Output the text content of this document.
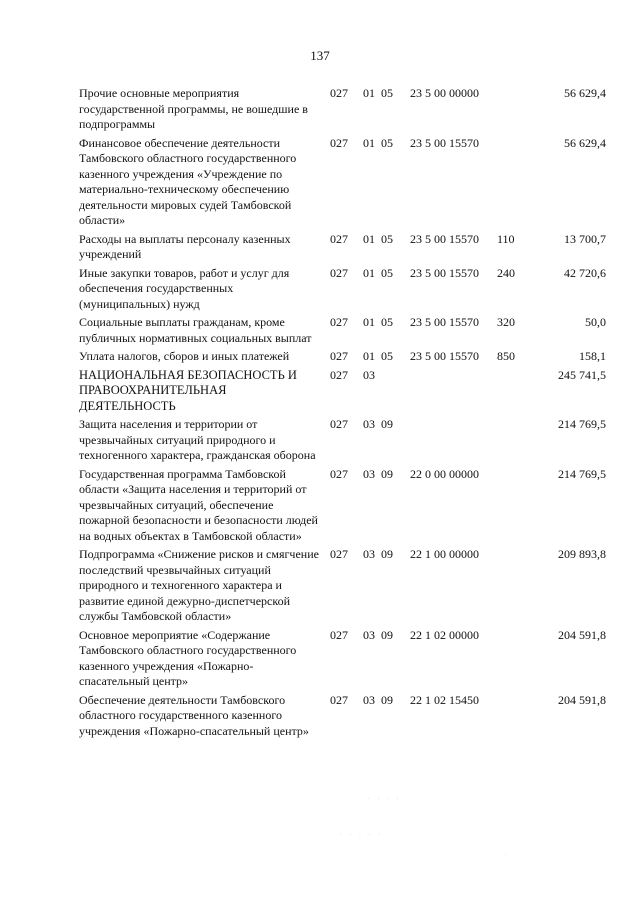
137
Прочие основные мероприятия государственной программы, не вошедшие в подпрограммы
027 01 05 23 5 00 00000	56 629,4
Финансовое обеспечение деятельности Тамбовского областного государственного казенного учреждения «Учреждение по материально-техническому обеспечению деятельности мировых судей Тамбовской области»
027 01 05 23 5 00 15570	56 629,4
Расходы на выплаты персоналу казенных учреждений
027 01 05 23 5 00 15570 110	13 700,7
Иные закупки товаров, работ и услуг для обеспечения государственных (муниципальных) нужд
027 01 05 23 5 00 15570 240	42 720,6
Социальные выплаты гражданам, кроме публичных нормативных социальных выплат
027 01 05 23 5 00 15570 320	50,0
Уплата налогов, сборов и иных платежей	027 01 05 23 5 00 15570 850	158,1
НАЦИОНАЛЬНАЯ БЕЗОПАСНОСТЬ И ПРАВООХРАНИТЕЛЬНАЯ ДЕЯТЕЛЬНОСТЬ
027 03	245 741,5
Защита населения и территории от чрезвычайных ситуаций природного и техногенного характера, гражданская оборона
027 03 09	214 769,5
Государственная программа Тамбовской области «Защита населения и территорий от чрезвычайных ситуаций, обеспечение пожарной безопасности и безопасности людей на водных объектах в Тамбовской области»
027 03 09 22 0 00 00000	214 769,5
Подпрограмма «Снижение рисков и смягчение последствий чрезвычайных ситуаций природного и техногенного характера и развитие единой дежурно-диспетчерской службы Тамбовской области»
027 03 09 22 1 00 00000	209 893,8
Основное мероприятие «Содержание Тамбовского областного государственного казенного учреждения «Пожарно-спасательный центр»
027 03 09 22 1 02 00000	204 591,8
Обеспечение деятельности Тамбовского областного государственного казенного учреждения «Пожарно-спасательный центр»
027 03 09 22 1 02 15450	204 591,8
· · · ·
· · · · ·
·
